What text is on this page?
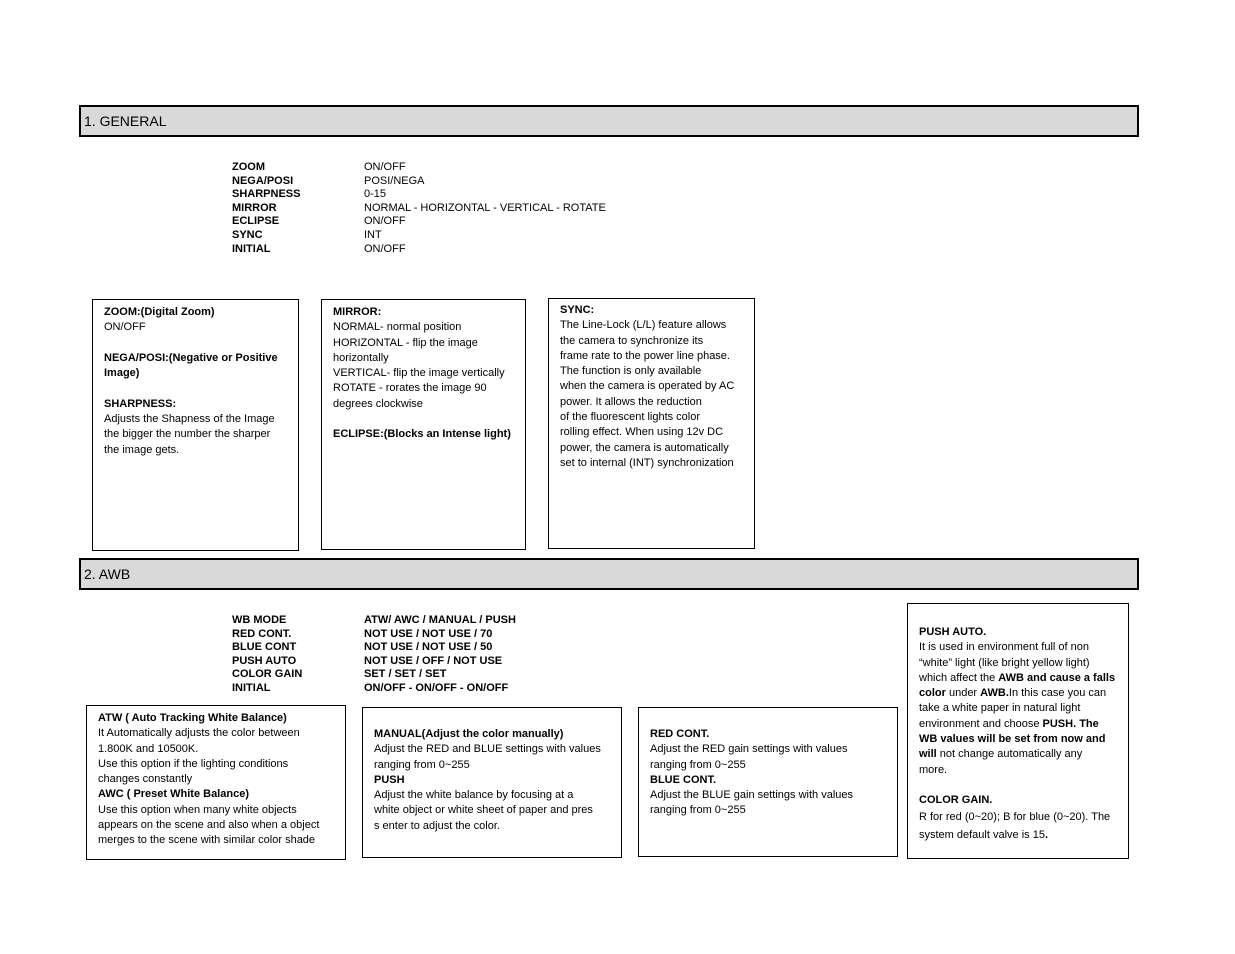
1. GENERAL
2. AWB
ZOOM	ON/OFF
NEGA/POSI	POSI/NEGA
SHARPNESS	0-15
MIRROR	NORMAL - HORIZONTAL - VERTICAL - ROTATE
ECLIPSE	ON/OFF
SYNC	INT
INITIAL	ON/OFF

ZOOM:(Digital Zoom)

ON/OFF

NEGA/POSI:(Negative or Positive

Image)

SHARPNESS:

Adjusts the Shapness of the Image

the bigger the number the sharper

the image gets.

MIRROR:

NORMAL- normal position

HORIZONTAL - flip the image

horizontally

VERTICAL- flip the image vertically

ROTATE - rorates the image 90

degrees clockwise

ECLIPSE:(Blocks an Intense light)

SYNC:

The Line-Lock (L/L) feature allows

the camera to synchronize its

frame rate to the power line phase.

The function is only available

when the camera is operated by AC

power. It allows the reduction

of the fluorescent lights color

rolling effect. When using 12v DC

power, the camera is automatically

set to internal (INT) synchronization

WB MODE	ATW/ AWC / MANUAL / PUSH
RED CONT.	NOT USE / NOT USE / 70
BLUE CONT	NOT USE / NOT USE / 50
PUSH AUTO	NOT USE / OFF / NOT USE
COLOR GAIN	SET / SET / SET
INITIAL	ON/OFF - ON/OFF - ON/OFF

ATW ( Auto Tracking White Balance)

It Automatically adjusts the color between

1.800K and 10500K.

Use this option if the lighting conditions

changes constantly

AWC ( Preset White Balance)

Use this option when many white objects

appears on the scene and also when a object

merges to the scene with similar color shade

MANUAL(Adjust the color manually)

Adjust the RED and BLUE settings with values

ranging from 0~255

PUSH

Adjust the white balance by focusing at a

white object or white sheet of paper and pres

s enter to adjust the color.

RED CONT.

Adjust the RED gain settings with values

ranging from 0~255

BLUE CONT.

Adjust the BLUE gain settings with values

ranging from 0~255

PUSH AUTO.

It is used in environment full of non

“white” light (like bright yellow light)

which affect the AWB and cause a falls

color under AWB.In this case you can

take a white paper in natural light

environment and choose PUSH. The

WB values will be set from now and

will not change automatically any

more.

COLOR GAIN.

R for red (0~20); B for blue (0~20). The

system default valve is 15.
